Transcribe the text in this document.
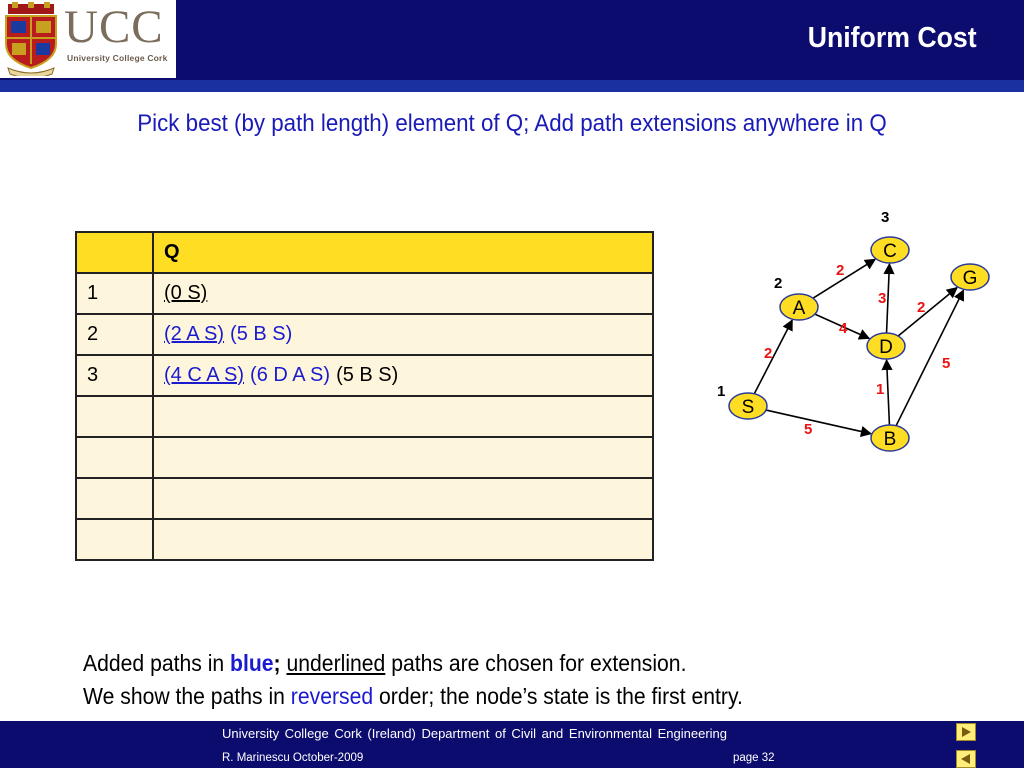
UCC
University College Cork
Uniform Cost
Pick best (by path length) element of Q; Add path extensions anywhere in Q
	Q
1	(0 S)
2	(2 A S) (5 B S)
3	(4 C A S) (6 D A S) (5 B S)

2
5
2
4
3
2
1
5
S
1
A
2
C
3
D
B
G
Added paths in blue; underlined paths are chosen for extension.
We show the paths in reversed order; the node’s state is the first entry.
University College Cork (Ireland) Department of Civil and Environmental Engineering
R. Marinescu October-2009	page 32
